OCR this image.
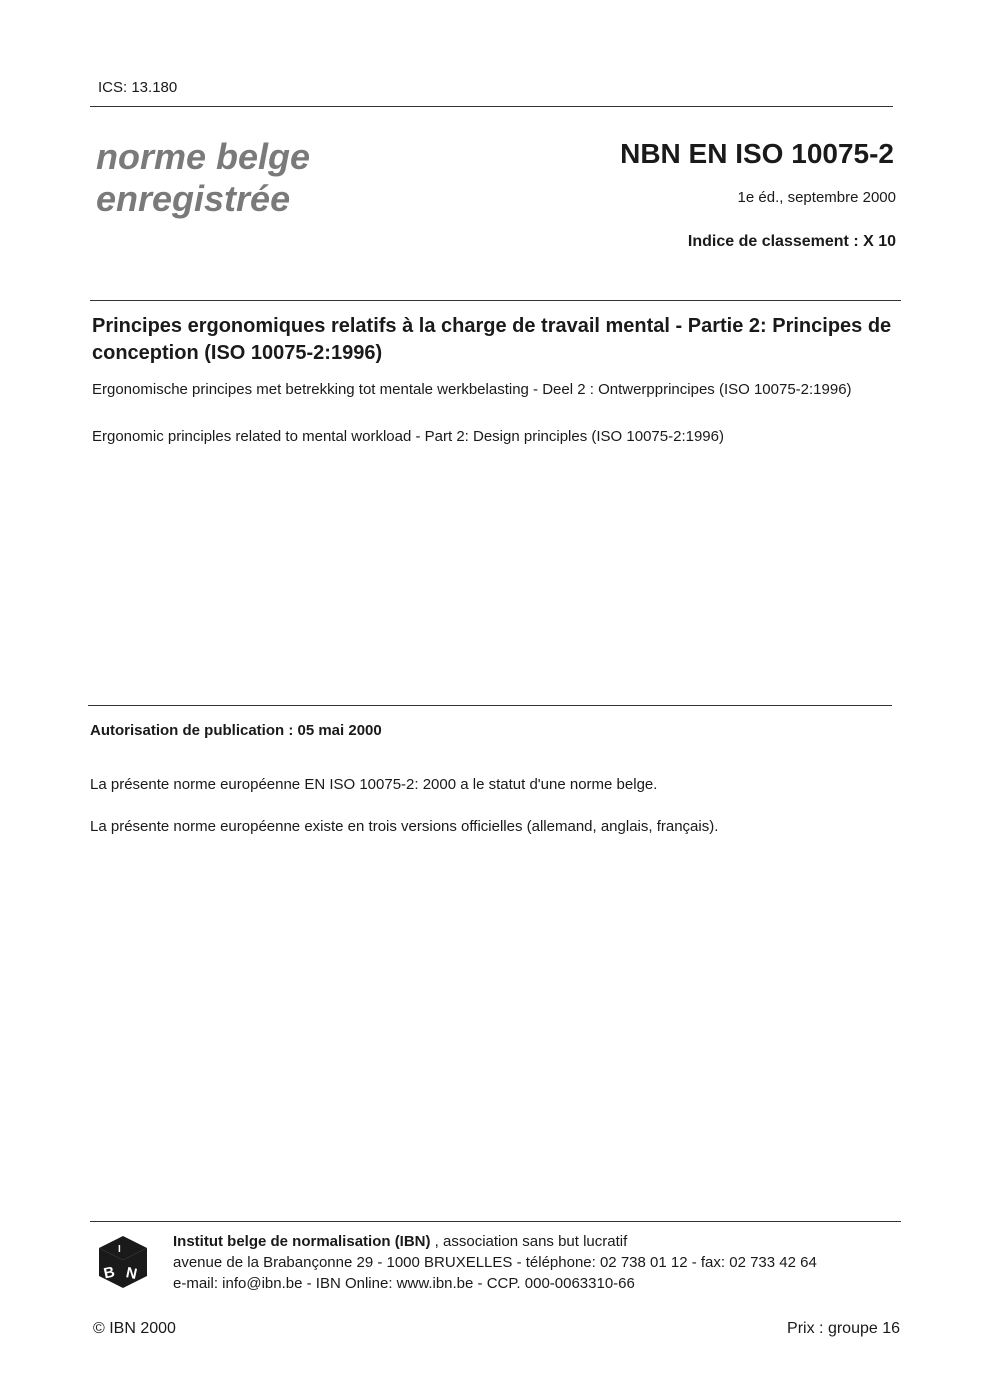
ICS: 13.180
norme belge
enregistrée
NBN EN ISO 10075-2
1e éd., septembre 2000
Indice de classement : X 10
Principes ergonomiques relatifs à la charge de travail mental - Partie 2: Principes de conception (ISO 10075-2:1996)
Ergonomische principes met betrekking tot mentale werkbelasting - Deel 2 : Ontwerpprincipes (ISO 10075-2:1996)
Ergonomic principles related to mental workload - Part 2: Design principles (ISO 10075-2:1996)
Autorisation de publication : 05 mai 2000
La présente norme européenne EN ISO 10075-2: 2000 a le statut d'une norme belge.
La présente norme européenne existe en trois versions officielles (allemand, anglais, français).
B N
I	Institut belge de normalisation (IBN) , association sans but lucratif
avenue de la Brabançonne 29 - 1000 BRUXELLES - téléphone: 02 738 01 12 - fax: 02 733 42 64
e-mail: info@ibn.be - IBN Online: www.ibn.be - CCP. 000-0063310-66
© IBN 2000	Prix : groupe 16
